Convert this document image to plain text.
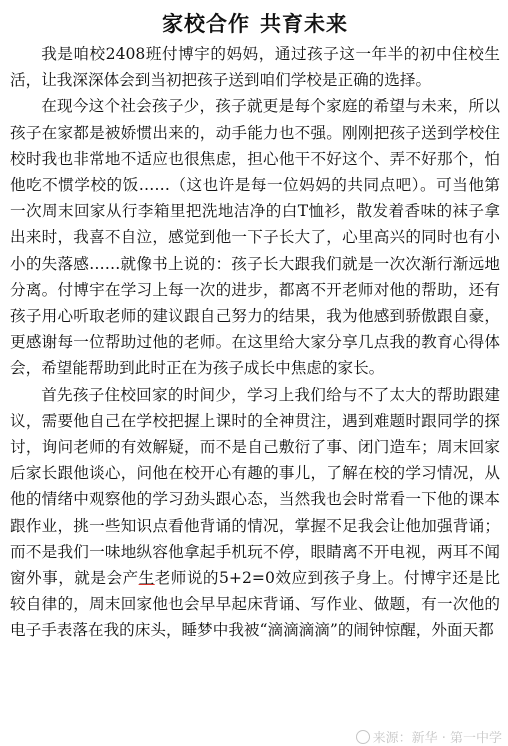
家校合作 共育未来

我是咱校2408班付博宇的妈妈，通过孩子这一年半的初中住校生活，让我深深体会到当初把孩子送到咱们学校是正确的选择。

在现今这个社会孩子少，孩子就更是每个家庭的希望与未来，所以孩子在家都是被娇惯出来的，动手能力也不强。刚刚把孩子送到学校住校时我也非常地不适应也很焦虑，担心他干不好这个、弄不好那个，怕他吃不惯学校的饭……（这也许是每一位妈妈的共同点吧）。可当他第一次周末回家从行李箱里把洗地洁净的白T恤衫，散发着香味的袜子拿出来时，我喜不自泣，感觉到他一下子长大了，心里高兴的同时也有小小的失落感……就像书上说的：孩子长大跟我们就是一次次渐行渐远地分离。付博宇在学习上每一次的进步，都离不开老师对他的帮助，还有孩子用心听取老师的建议跟自己努力的结果，我为他感到骄傲跟自豪，更感谢每一位帮助过他的老师。在这里给大家分享几点我的教育心得体会，希望能帮助到此时正在为孩子成长中焦虑的家长。

首先孩子住校回家的时间少，学习上我们给与不了太大的帮助跟建议，需要他自己在学校把握上课时的全神贯注，遇到难题时跟同学的探讨，询问老师的有效解疑，而不是自己敷衍了事、闭门造车；周末回家后家长跟他谈心，问他在校开心有趣的事儿，了解在校的学习情况，从他的情绪中观察他的学习劲头跟心态，当然我也会时常看一下他的课本跟作业，挑一些知识点看他背诵的情况，掌握不足我会让他加强背诵；而不是我们一味地纵容他拿起手机玩不停，眼睛离不开电视，两耳不闻窗外事，就是会产生老师说的5+2=0效应到孩子身上。付博宇还是比较自律的，周末回家他也会早早起床背诵、写作业、做题，有一次他的电子手表落在我的床头，睡梦中我被“滴滴滴滴”的闹钟惊醒，外面天都

来源：新华 · 第一中学
